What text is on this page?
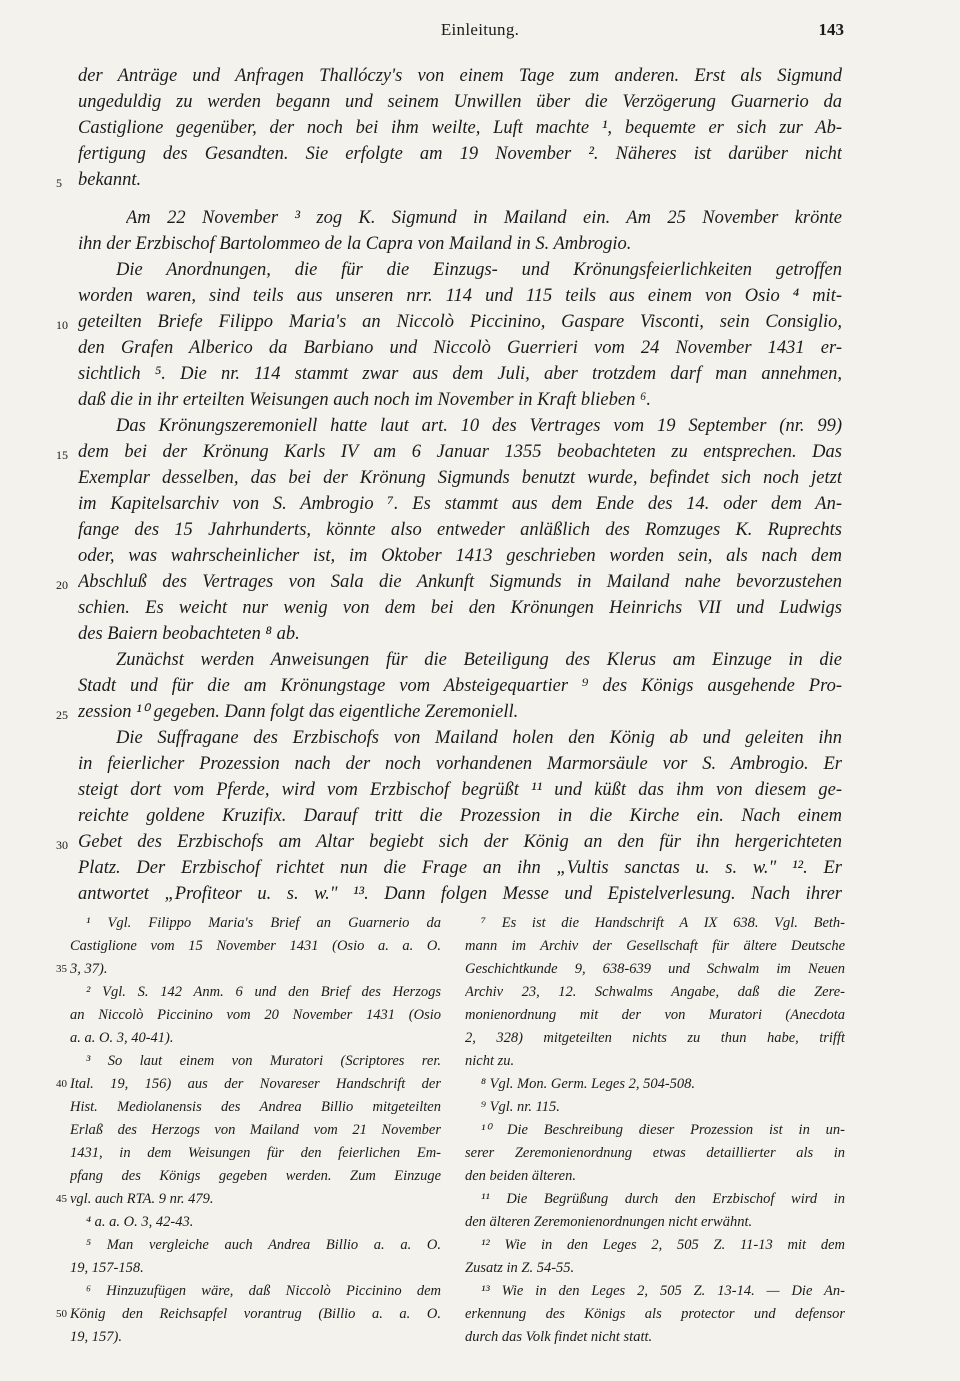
Einleitung.	143
der Anträge und Anfragen Thallóczy's von einem Tage zum anderen. Erst als Sigmund
ungeduldig zu werden begann und seinem Unwillen über die Verzögerung Guarnerio da
Castiglione gegenüber, der noch bei ihm weilte, Luft machte ¹, bequemte er sich zur Ab-
fertigung des Gesandten. Sie erfolgte am 19 November ². Näheres ist darüber nicht
bekannt.
5
Am 22 November ³ zog K. Sigmund in Mailand ein. Am 25 November krönte
ihn der Erzbischof Bartolommeo de la Capra von Mailand in S. Ambrogio.
Die Anordnungen, die für die Einzugs- und Krönungsfeierlichkeiten getroffen
worden waren, sind teils aus unseren nrr. 114 und 115 teils aus einem von Osio ⁴ mit-
geteilten Briefe Filippo Maria's an Niccolò Piccinino, Gaspare Visconti, sein Consiglio,
10
den Grafen Alberico da Barbiano und Niccolò Guerrieri vom 24 November 1431 er-
sichtlich ⁵. Die nr. 114 stammt zwar aus dem Juli, aber trotzdem darf man annehmen,
daß die in ihr erteilten Weisungen auch noch im November in Kraft blieben ⁶.
Das Krönungszeremoniell hatte laut art. 10 des Vertrages vom 19 September (nr. 99)
dem bei der Krönung Karls IV am 6 Januar 1355 beobachteten zu entsprechen. Das
15
Exemplar desselben, das bei der Krönung Sigmunds benutzt wurde, befindet sich noch jetzt
im Kapitelsarchiv von S. Ambrogio ⁷. Es stammt aus dem Ende des 14. oder dem An-
fange des 15 Jahrhunderts, könnte also entweder anläßlich des Romzuges K. Ruprechts
oder, was wahrscheinlicher ist, im Oktober 1413 geschrieben worden sein, als nach dem
Abschluß des Vertrages von Sala die Ankunft Sigmunds in Mailand nahe bevorzustehen
20
schien. Es weicht nur wenig von dem bei den Krönungen Heinrichs VII und Ludwigs
des Baiern beobachteten ⁸ ab.
Zunächst werden Anweisungen für die Beteiligung des Klerus am Einzuge in die
Stadt und für die am Krönungstage vom Absteigequartier ⁹ des Königs ausgehende Pro-
zession ¹⁰ gegeben. Dann folgt das eigentliche Zeremoniell.
25
Die Suffragane des Erzbischofs von Mailand holen den König ab und geleiten ihn
in feierlicher Prozession nach der noch vorhandenen Marmorsäule vor S. Ambrogio. Er
steigt dort vom Pferde, wird vom Erzbischof begrüßt ¹¹ und küßt das ihm von diesem ge-
reichte goldene Kruzifix. Darauf tritt die Prozession in die Kirche ein. Nach einem
Gebet des Erzbischofs am Altar begiebt sich der König an den für ihn hergerichteten
30
Platz. Der Erzbischof richtet nun die Frage an ihn „Vultis sanctas u. s. w." ¹². Er
antwortet „Profiteor u. s. w." ¹³. Dann folgen Messe und Epistelverlesung. Nach ihrer
¹ Vgl. Filippo Maria's Brief an Guarnerio da
Castiglione vom 15 November 1431 (Osio a. a. O.
35 3, 37).
² Vgl. S. 142 Anm. 6 und den Brief des Herzogs
an Niccolò Piccinino vom 20 November 1431 (Osio
a. a. O. 3, 40-41).
³ So laut einem von Muratori (Scriptores rer.
40 Ital. 19, 156) aus der Novareser Handschrift der
Hist. Mediolanensis des Andrea Billio mitgeteilten
Erlaß des Herzogs von Mailand vom 21 November
1431, in dem Weisungen für den feierlichen Em-
pfang des Königs gegeben werden. Zum Einzuge
45 vgl. auch RTA. 9 nr. 479.
⁴ a. a. O. 3, 42-43.
⁵ Man vergleiche auch Andrea Billio a. a. O.
19, 157-158.
⁶ Hinzuzufügen wäre, daß Niccolò Piccinino dem
50 König den Reichsapfel vorantrug (Billio a. a. O.
19, 157).
⁷ Es ist die Handschrift A IX 638. Vgl. Beth-
mann im Archiv der Gesellschaft für ältere Deutsche
Geschichtkunde 9, 638-639 und Schwalm im Neuen
Archiv 23, 12. Schwalms Angabe, daß die Zere-
monienordnung mit der von Muratori (Anecdota
2, 328) mitgeteilten nichts zu thun habe, trifft
nicht zu.
⁸ Vgl. Mon. Germ. Leges 2, 504-508.
⁹ Vgl. nr. 115.
¹⁰ Die Beschreibung dieser Prozession ist in un-
serer Zeremonienordnung etwas detaillierter als in
den beiden älteren.
¹¹ Die Begrüßung durch den Erzbischof wird in
den älteren Zeremonienordnungen nicht erwähnt.
¹² Wie in den Leges 2, 505 Z. 11-13 mit dem
Zusatz in Z. 54-55.
¹³ Wie in den Leges 2, 505 Z. 13-14. — Die An-
erkennung des Königs als protector und defensor
durch das Volk findet nicht statt.
